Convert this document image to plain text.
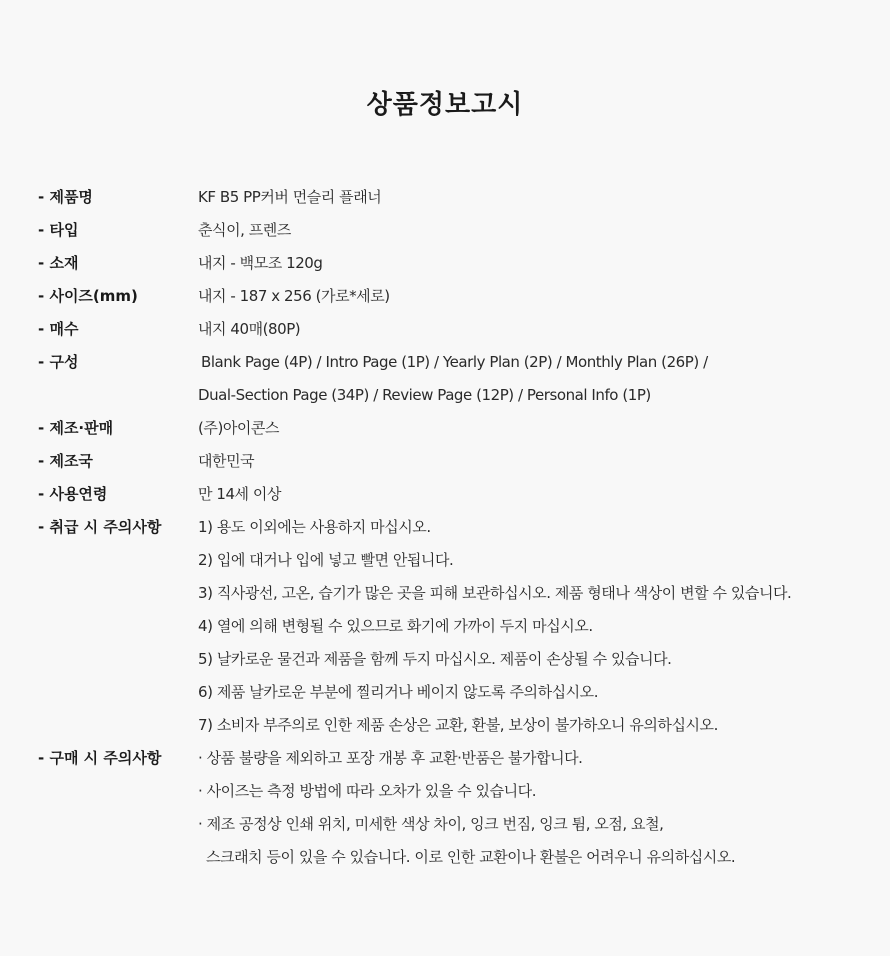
상품정보고시
- 제품명	KF B5 PP커버 먼슬리 플래너
- 타입	춘식이, 프렌즈
- 소재	내지 - 백모조 120g
- 사이즈(mm)	내지 - 187 x 256 (가로*세로)
- 매수	내지 40매(80P)
- 구성	Blank Page (4P) / Intro Page (1P) / Yearly Plan (2P) / Monthly Plan (26P) /
Dual-Section Page (34P) / Review Page (12P) / Personal Info (1P)
- 제조·판매	(주)아이콘스
- 제조국	대한민국
- 사용연령	만 14세 이상
- 취급 시 주의사항	1) 용도 이외에는 사용하지 마십시오.
2) 입에 대거나 입에 넣고 빨면 안됩니다.
3) 직사광선, 고온, 습기가 많은 곳을 피해 보관하십시오. 제품 형태나 색상이 변할 수 있습니다.
4) 열에 의해 변형될 수 있으므로 화기에 가까이 두지 마십시오.
5) 날카로운 물건과 제품을 함께 두지 마십시오. 제품이 손상될 수 있습니다.
6) 제품 날카로운 부분에 찔리거나 베이지 않도록 주의하십시오.
7) 소비자 부주의로 인한 제품 손상은 교환, 환불, 보상이 불가하오니 유의하십시오.
- 구매 시 주의사항	· 상품 불량을 제외하고 포장 개봉 후 교환·반품은 불가합니다.
· 사이즈는 측정 방법에 따라 오차가 있을 수 있습니다.
· 제조 공정상 인쇄 위치, 미세한 색상 차이, 잉크 번짐, 잉크 튐, 오점, 요철,
스크래치 등이 있을 수 있습니다. 이로 인한 교환이나 환불은 어려우니 유의하십시오.
